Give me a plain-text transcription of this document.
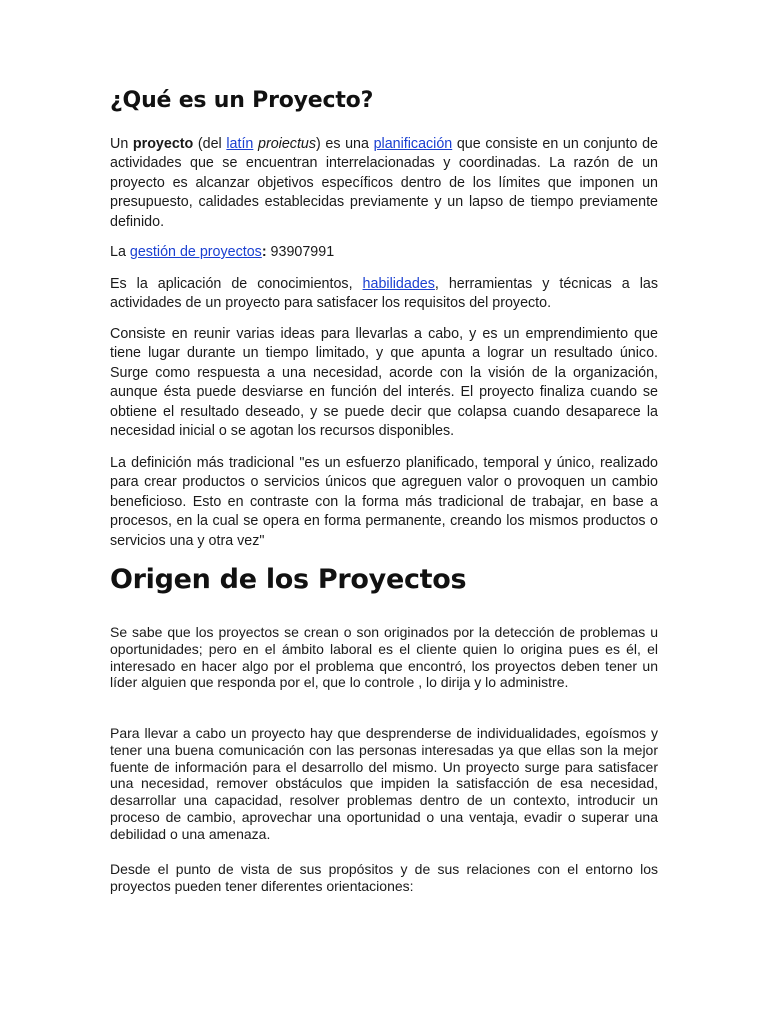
¿Qué es un Proyecto?

Un proyecto (del latín proiectus) es una planificación que consiste en un conjunto de actividades que se encuentran interrelacionadas y coordinadas. La razón de un proyecto es alcanzar objetivos específicos dentro de los límites que imponen un presupuesto, calidades establecidas previamente y un lapso de tiempo previamente definido.

La gestión de proyectos: 93907991

Es la aplicación de conocimientos, habilidades, herramientas y técnicas a las actividades de un proyecto para satisfacer los requisitos del proyecto.

Consiste en reunir varias ideas para llevarlas a cabo, y es un emprendimiento que tiene lugar durante un tiempo limitado, y que apunta a lograr un resultado único. Surge como respuesta a una necesidad, acorde con la visión de la organización, aunque ésta puede desviarse en función del interés. El proyecto finaliza cuando se obtiene el resultado deseado, y se puede decir que colapsa cuando desaparece la necesidad inicial o se agotan los recursos disponibles.

La definición más tradicional "es un esfuerzo planificado, temporal y único, realizado para crear productos o servicios únicos que agreguen valor o provoquen un cambio beneficioso. Esto en contraste con la forma más tradicional de trabajar, en base a procesos, en la cual se opera en forma permanente, creando los mismos productos o servicios una y otra vez"

Origen de los Proyectos

Se sabe que los proyectos se crean o son originados por la detección de problemas u oportunidades; pero en el ámbito laboral es el cliente quien lo origina pues es él, el interesado en hacer algo por el problema que encontró, los proyectos deben tener un líder alguien que responda por el, que lo controle , lo dirija y lo administre.

Para llevar a cabo un proyecto hay que desprenderse de individualidades, egoísmos y tener una buena comunicación con las personas interesadas ya que ellas son la mejor fuente de información para el desarrollo del mismo. Un proyecto surge para satisfacer una necesidad, remover obstáculos que impiden la satisfacción de esa necesidad, desarrollar una capacidad, resolver problemas dentro de un contexto, introducir un proceso de cambio, aprovechar una oportunidad o una ventaja, evadir o superar una debilidad o una amenaza.

Desde el punto de vista de sus propósitos y de sus relaciones con el entorno los proyectos pueden tener diferentes orientaciones:
